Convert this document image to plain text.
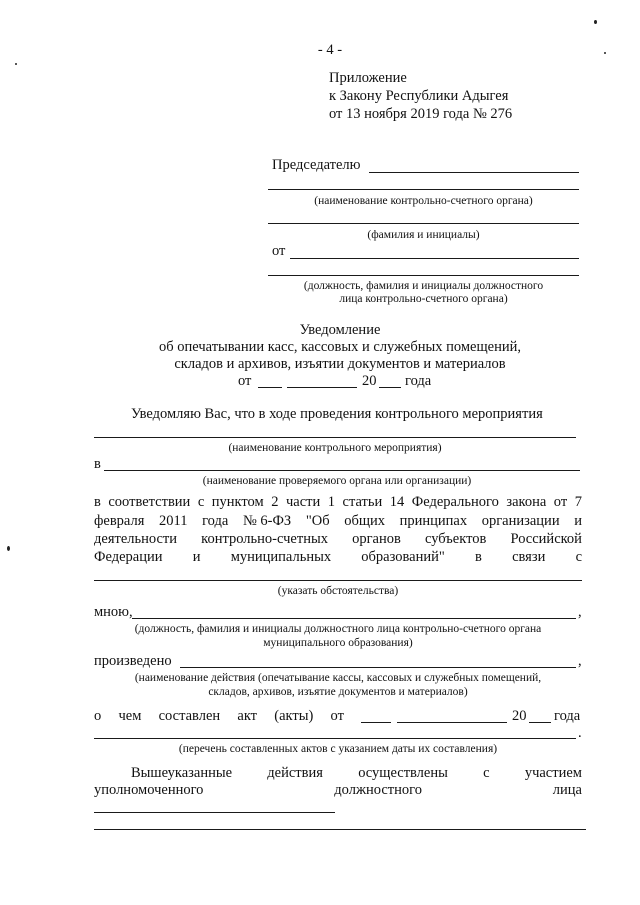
- 4 -
Приложение
к Закону Республики Адыгея
от 13 ноября 2019 года № 276
Председателю
(наименование контрольно-счетного органа)
(фамилия и инициалы)
от
(должность, фамилия и инициалы должностного
лица контрольно-счетного органа)
Уведомление
об опечатывании касс, кассовых и служебных помещений,
складов и архивов, изъятии документов и материалов
от	20 года
Уведомляю Вас, что в ходе проведения контрольного мероприятия
(наименование контрольного мероприятия)
в
(наименование проверяемого органа или организации)
в соответствии с пунктом 2 части 1 статьи 14 Федерального закона от 7
февраля 2011 года № 6-ФЗ "Об общих принципах организации и
деятельности контрольно-счетных органов субъектов Российской
Федерации и муниципальных образований" в связи с
(указать обстоятельства)
мною,	,
(должность, фамилия и инициалы должностного лица контрольно-счетного органа
муниципального образования)
произведено	,
(наименование действия (опечатывание кассы, кассовых и служебных помещений,
складов, архивов, изъятие документов и материалов)
о чем составлен акт (акты) от	20 года
.
(перечень составленных актов с указанием даты их составления)
Вышеуказанные действия осуществлены с участием
уполномоченного	должностного	лица
